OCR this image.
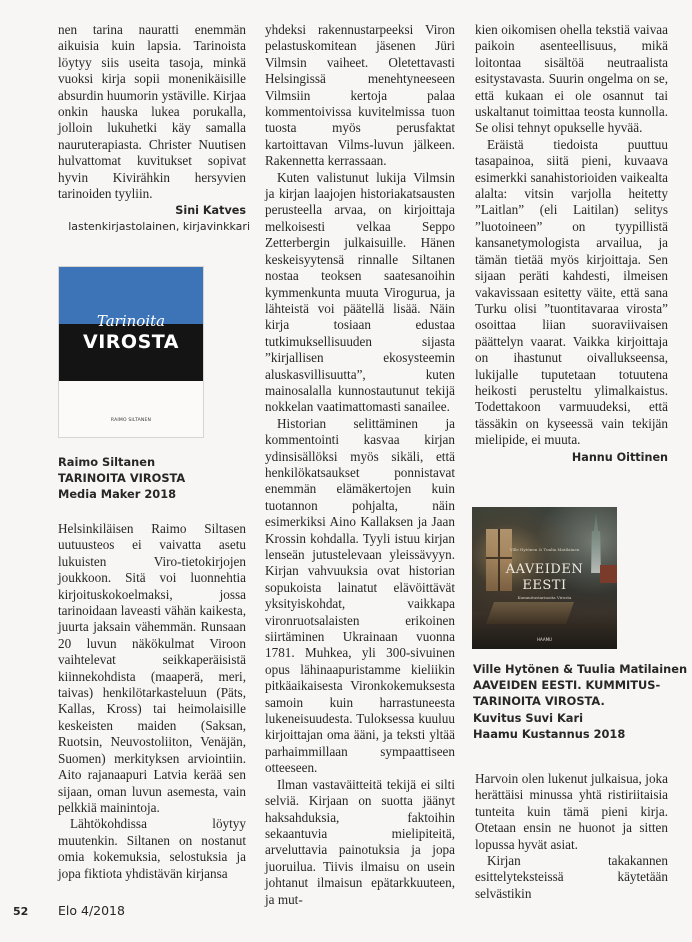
nen tarina nauratti enemmän aikuisia kuin lapsia. Tarinoista löytyy siis useita tasoja, minkä vuoksi kirja sopii monenikäisille absurdin huumorin ystäville. Kirjaa onkin hauska lukea porukalla, jolloin lukuhetki käy samalla nauruterapiasta. Christer Nuutisen hulvattomat kuvitukset sopivat hyvin Kivirähkin hersyvien tarinoiden tyyliin.

Sini Katves
lastenkirjastolainen, kirjavinkkari
Tarinoita
VIROSTA
RAIMO SILTANEN
Raimo Siltanen
TARINOITA VIROSTA
Media Maker 2018

Helsinkiläisen Raimo Siltasen uutuusteos ei vaivatta asetu lukuisten Viro-tietokirjojen joukkoon. Sitä voi luonnehtia kirjoituskokoelmaksi, jossa tarinoidaan laveasti vähän kaikesta, juurta jaksain vähemmän. Runsaan 20 luvun näkökulmat Viroon vaihtelevat seikkaperäisistä kiinnekohdista (maaperä, meri, taivas) henkilötarkasteluun (Päts, Kallas, Kross) tai heimolaisille keskeisten maiden (Saksan, Ruotsin, Neuvostoliiton, Venäjän, Suomen) merkityksen arviointiin. Aito rajanaapuri Latvia kerää sen sijaan, oman luvun asemesta, vain pelkkiä mainintoja.

Lähtökohdissa löytyy muutenkin. Siltanen on nostanut omia kokemuksia, selostuksia ja jopa fiktiota yhdistävän kirjansa

yhdeksi rakennustarpeeksi Viron pelastuskomitean jäsenen Jüri Vilmsin vaiheet. Oletettavasti Helsingissä menehtyneeseen Vilmsiin kertoja palaa kommentoivissa kuvitelmissa tuon tuosta myös perusfaktat kartoittavan Vilms-luvun jälkeen. Rakennetta kerrassaan.

Kuten valistunut lukija Vilmsin ja kirjan laajojen historiakatsausten perusteella arvaa, on kirjoittaja melkoisesti velkaa Seppo Zetterbergin julkaisuille. Hänen keskeisyytensä rinnalle Siltanen nostaa teoksen saatesanoihin kymmenkunta muuta Virogurua, ja lähteistä voi päätellä lisää. Näin kirja tosiaan edustaa tutkimuksellisuuden sijasta ”kirjallisen ekosysteemin aluskasvillisuutta”, kuten mainosalalla kunnostautunut tekijä nokkelan vaatimattomasti sanailee.

Historian selittäminen ja kommentointi kasvaa kirjan ydinsisällöksi myös sikäli, että henkilökatsaukset ponnistavat enemmän elämäkertojen kuin tuotannon pohjalta, näin esimerkiksi Aino Kallaksen ja Jaan Krossin kohdalla. Tyyli istuu kirjan lenseän jutustelevaan yleissävyyn. Kirjan vahvuuksia ovat historian sopukoista lainatut elävöittävät yksityiskohdat, vaikkapa vironruotsalaisten erikoinen siirtäminen Ukrainaan vuonna 1781. Muhkea, yli 300-sivuinen opus lähinaapuristamme kieliikin pitkäaikaisesta Vironkokemuksesta samoin kuin harrastuneesta lukeneisuudesta. Tuloksessa kuuluu kirjoittajan oma ääni, ja teksti yltää parhaimmillaan sympaattiseen otteeseen.

Ilman vastaväitteitä tekijä ei silti selviä. Kirjaan on suotta jäänyt haksahduksia, faktoihin sekaantuvia mielipiteitä, arveluttavia painotuksia ja jopa juoruilua. Tiivis ilmaisu on usein johtanut ilmaisun epätarkkuuteen, ja mut-

kien oikomisen ohella tekstiä vaivaa paikoin asenteellisuus, mikä loitontaa sisältöä neutraalista esitystavasta. Suurin ongelma on se, että kukaan ei ole osannut tai uskaltanut toimittaa teosta kunnolla. Se olisi tehnyt opukselle hyvää.

Eräistä tiedoista puuttuu tasapainoa, siitä pieni, kuvaava esimerkki sanahistorioiden vaikealta alalta: vitsin varjolla heitetty ”Laitlan” (eli Laitilan) selitys ”luotoineen” on tyypillistä kansanetymologista arvailua, ja tämän tietää myös kirjoittaja. Sen sijaan peräti kahdesti, ilmeisen vakavissaan esitetty väite, että sana Turku olisi ”tuontitavaraa virosta” osoittaa liian suoraviivaisen päättelyn vaarat. Vaikka kirjoittaja on ihastunut oivallukseensa, lukijalle tuputetaan totuutena heikosti perusteltu ylimalkaistus. Todettakoon varmuudeksi, että tässäkin on kyseessä vain tekijän mielipide, ei muuta.

Hannu Oittinen
Ville Hytönen & Tuulia Matilainen
AAVEIDEN
EESTI
Kummitustarinoita Virosta
HAAMU
Ville Hytönen & Tuulia Matilainen
AAVEIDEN EESTI. KUMMITUS-
TARINOITA VIROSTA.
Kuvitus Suvi Kari
Haamu Kustannus 2018

Harvoin olen lukenut julkaisua, joka herättäisi minussa yhtä ristiriitaisia tunteita kuin tämä pieni kirja. Otetaan ensin ne huonot ja sitten lopussa hyvät asiat.

Kirjan takakannen esittelyteksteissä käytetään selvästikin

52 Elo 4/2018
